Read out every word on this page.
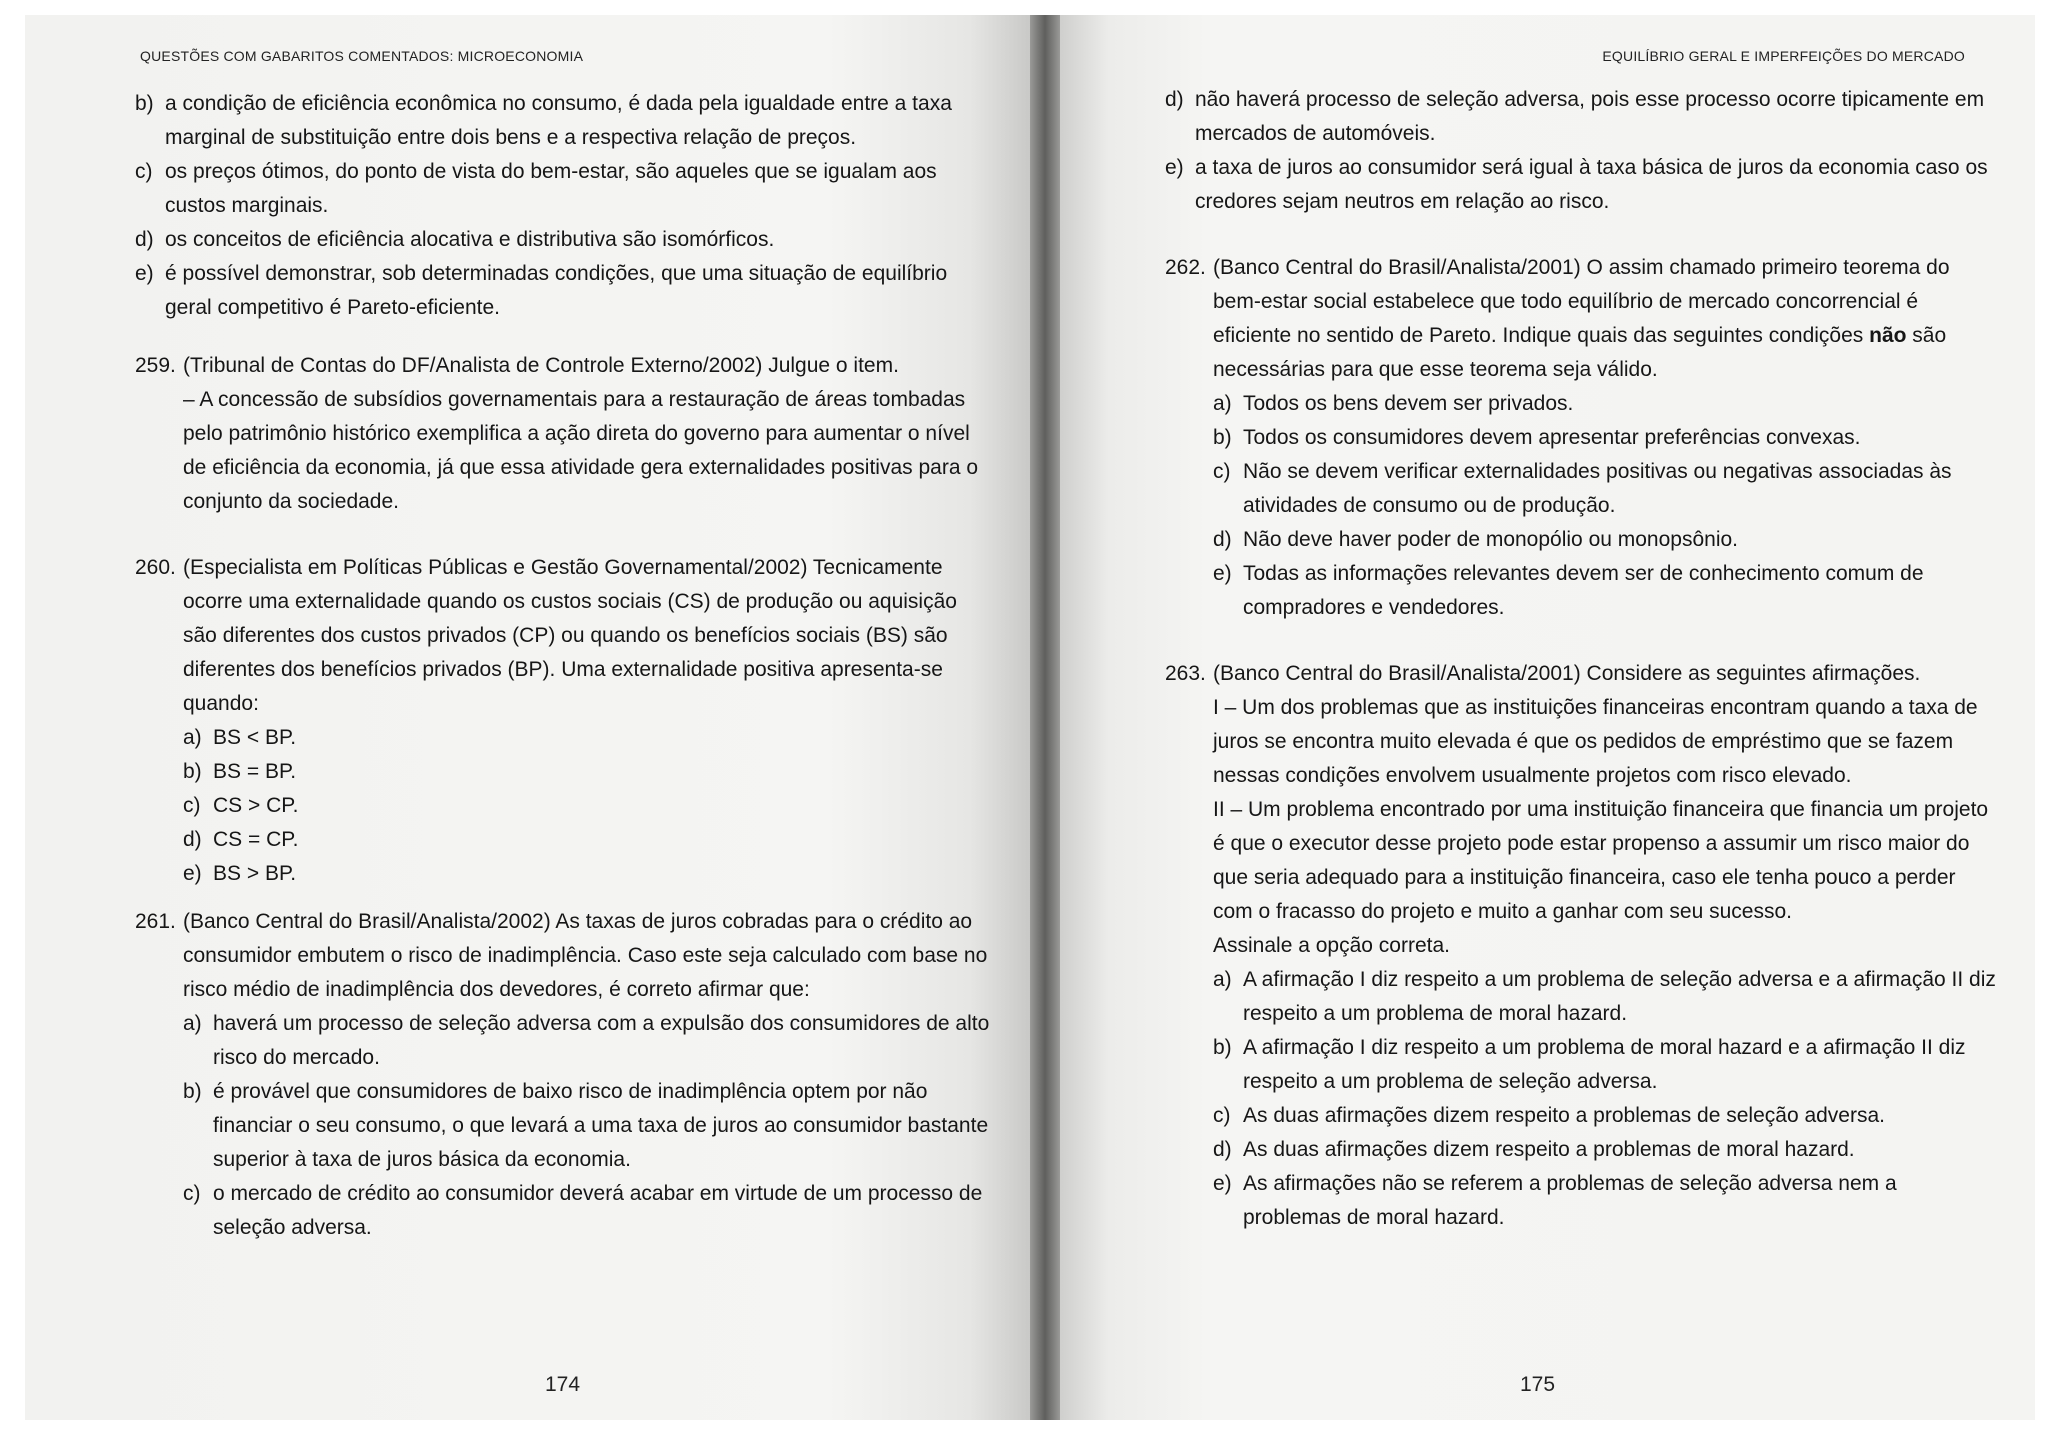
QUESTÕES COM GABARITOS COMENTADOS: MICROECONOMIA
b) a condição de eficiência econômica no consumo, é dada pela igualdade entre a taxa marginal de substituição entre dois bens e a respectiva relação de preços.
c) os preços ótimos, do ponto de vista do bem-estar, são aqueles que se igualam aos custos marginais.
d) os conceitos de eficiência alocativa e distributiva são isomórficos.
e) é possível demonstrar, sob determinadas condições, que uma situação de equilíbrio geral competitivo é Pareto-eficiente.
259. (Tribunal de Contas do DF/Analista de Controle Externo/2002) Julgue o item.
– A concessão de subsídios governamentais para a restauração de áreas tombadas pelo patrimônio histórico exemplifica a ação direta do governo para aumentar o nível de eficiência da economia, já que essa atividade gera externalidades positivas para o conjunto da sociedade.
260. (Especialista em Políticas Públicas e Gestão Governamental/2002) Tecnicamente ocorre uma externalidade quando os custos sociais (CS) de produção ou aquisição são diferentes dos custos privados (CP) ou quando os benefícios sociais (BS) são diferentes dos benefícios privados (BP). Uma externalidade positiva apresenta-se quando:
a) BS < BP.
b) BS = BP.
c) CS > CP.
d) CS = CP.
e) BS > BP.
261. (Banco Central do Brasil/Analista/2002) As taxas de juros cobradas para o crédito ao consumidor embutem o risco de inadimplência. Caso este seja calculado com base no risco médio de inadimplência dos devedores, é correto afirmar que:
a) haverá um processo de seleção adversa com a expulsão dos consumidores de alto risco do mercado.
b) é provável que consumidores de baixo risco de inadimplência optem por não financiar o seu consumo, o que levará a uma taxa de juros ao consumidor bastante superior à taxa de juros básica da economia.
c) o mercado de crédito ao consumidor deverá acabar em virtude de um processo de seleção adversa.
174
EQUILÍBRIO GERAL E IMPERFEIÇÕES DO MERCADO
d) não haverá processo de seleção adversa, pois esse processo ocorre tipicamente em mercados de automóveis.
e) a taxa de juros ao consumidor será igual à taxa básica de juros da economia caso os credores sejam neutros em relação ao risco.
262. (Banco Central do Brasil/Analista/2001) O assim chamado primeiro teorema do bem-estar social estabelece que todo equilíbrio de mercado concorrencial é eficiente no sentido de Pareto. Indique quais das seguintes condições não são necessárias para que esse teorema seja válido.
a) Todos os bens devem ser privados.
b) Todos os consumidores devem apresentar preferências convexas.
c) Não se devem verificar externalidades positivas ou negativas associadas às atividades de consumo ou de produção.
d) Não deve haver poder de monopólio ou monopsônio.
e) Todas as informações relevantes devem ser de conhecimento comum de compradores e vendedores.
263. (Banco Central do Brasil/Analista/2001) Considere as seguintes afirmações.
I – Um dos problemas que as instituições financeiras encontram quando a taxa de juros se encontra muito elevada é que os pedidos de empréstimo que se fazem nessas condições envolvem usualmente projetos com risco elevado.
II – Um problema encontrado por uma instituição financeira que financia um projeto é que o executor desse projeto pode estar propenso a assumir um risco maior do que seria adequado para a instituição financeira, caso ele tenha pouco a perder com o fracasso do projeto e muito a ganhar com seu sucesso.
Assinale a opção correta.
a) A afirmação I diz respeito a um problema de seleção adversa e a afirmação II diz respeito a um problema de moral hazard.
b) A afirmação I diz respeito a um problema de moral hazard e a afirmação II diz respeito a um problema de seleção adversa.
c) As duas afirmações dizem respeito a problemas de seleção adversa.
d) As duas afirmações dizem respeito a problemas de moral hazard.
e) As afirmações não se referem a problemas de seleção adversa nem a problemas de moral hazard.
175
